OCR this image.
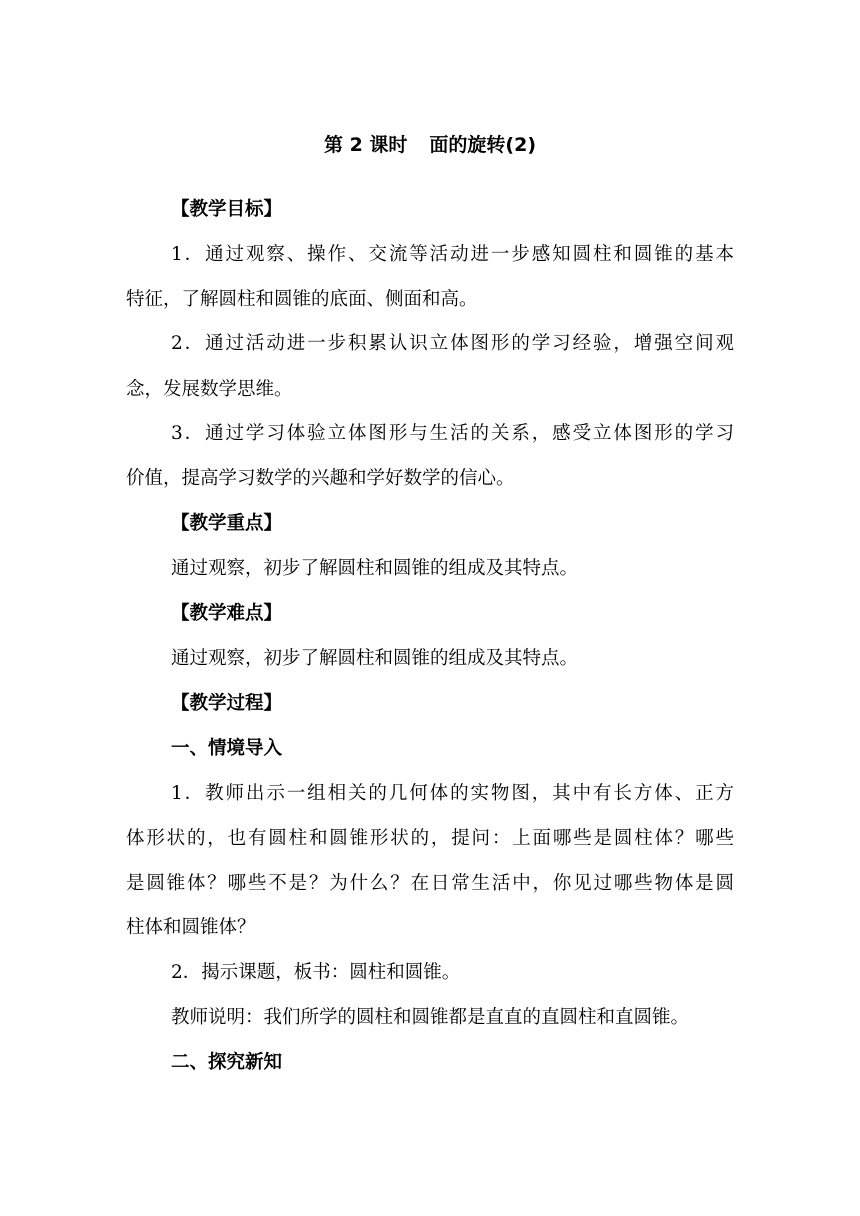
第 2 课时 面的旋转(2)
【教学目标】
1．通过观察、操作、交流等活动进一步感知圆柱和圆锥的基本
特征，了解圆柱和圆锥的底面、侧面和高。
2．通过活动进一步积累认识立体图形的学习经验，增强空间观
念，发展数学思维。
3．通过学习体验立体图形与生活的关系，感受立体图形的学习
价值，提高学习数学的兴趣和学好数学的信心。
【教学重点】
通过观察，初步了解圆柱和圆锥的组成及其特点。
【教学难点】
通过观察，初步了解圆柱和圆锥的组成及其特点。
【教学过程】
一、情境导入
1．教师出示一组相关的几何体的实物图，其中有长方体、正方
体形状的，也有圆柱和圆锥形状的，提问：上面哪些是圆柱体？哪些
是圆锥体？哪些不是？为什么？在日常生活中，你见过哪些物体是圆
柱体和圆锥体？
2．揭示课题，板书：圆柱和圆锥。
教师说明：我们所学的圆柱和圆锥都是直直的直圆柱和直圆锥。
二、探究新知
